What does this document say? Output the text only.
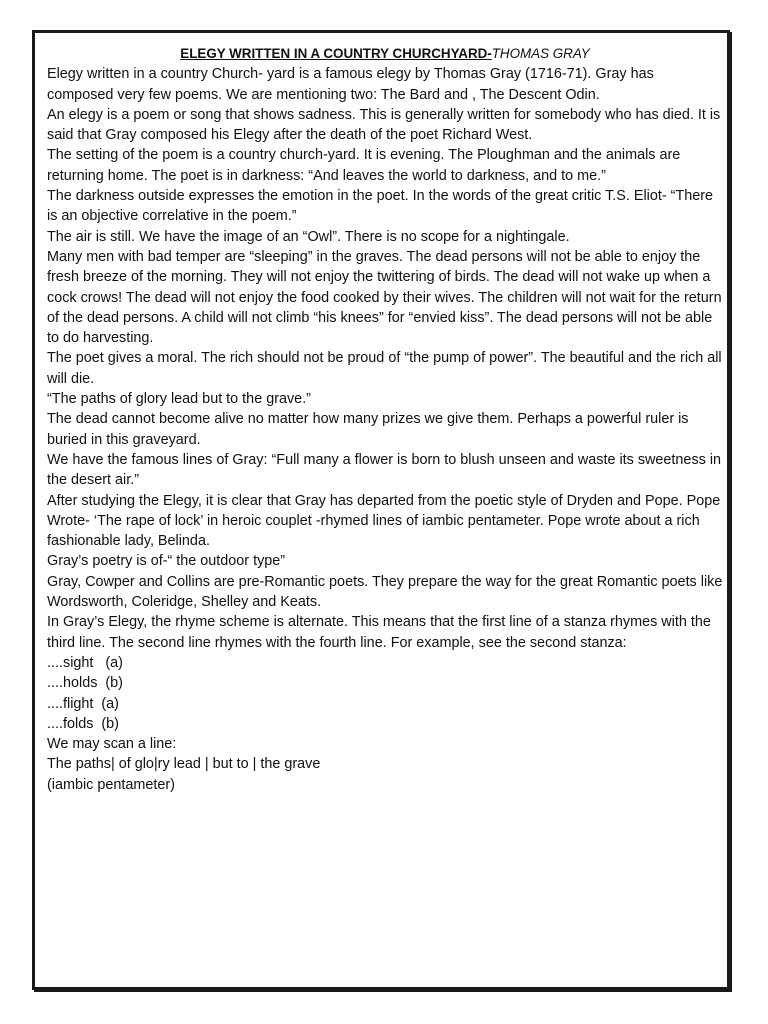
ELEGY WRITTEN IN A COUNTRY CHURCHYARD-THOMAS GRAY

Elegy written in a country Church- yard is a famous elegy by Thomas Gray (1716-71). Gray has composed very few poems. We are mentioning two: The Bard and , The Descent Odin.

An elegy is a poem or song that shows sadness. This is generally written for somebody who has died. It is said that Gray composed his Elegy after the death of the poet Richard West.

The setting of the poem is a country church-yard. It is evening. The Ploughman and the animals are returning home. The poet is in darkness: “And leaves the world to darkness, and to me.”

The darkness outside expresses the emotion in the poet. In the words of the great critic T.S. Eliot- “There is an objective correlative in the poem.”

The air is still. We have the image of an “Owl”. There is no scope for a nightingale.

Many men with bad temper are “sleeping” in the graves. The dead persons will not be able to enjoy the fresh breeze of the morning. They will not enjoy the twittering of birds. The dead will not wake up when a cock crows! The dead will not enjoy the food cooked by their wives. The children will not wait for the return of the dead persons. A child will not climb “his knees” for “envied kiss”. The dead persons will not be able to do harvesting.

The poet gives a moral. The rich should not be proud of “the pump of power”. The beautiful and the rich all will die.

“The paths of glory lead but to the grave.”

The dead cannot become alive no matter how many prizes we give them. Perhaps a powerful ruler is buried in this graveyard.

We have the famous lines of Gray: “Full many a flower is born to blush unseen and waste its sweetness in the desert air.”

After studying the Elegy, it is clear that Gray has departed from the poetic style of Dryden and Pope. Pope Wrote- ‘The rape of lock’ in heroic couplet -rhymed lines of iambic pentameter. Pope wrote about a rich fashionable lady, Belinda.

Gray’s poetry is of-“ the outdoor type”

Gray, Cowper and Collins are pre-Romantic poets. They prepare the way for the great Romantic poets like Wordsworth, Coleridge, Shelley and Keats.

In Gray’s Elegy, the rhyme scheme is alternate. This means that the first line of a stanza rhymes with the third line. The second line rhymes with the fourth line. For example, see the second stanza:

....sight   (a)

....holds  (b)

....flight  (a)

....folds  (b)

We may scan a line:

The paths| of glo|ry lead | but to | the grave

(iambic pentameter)
